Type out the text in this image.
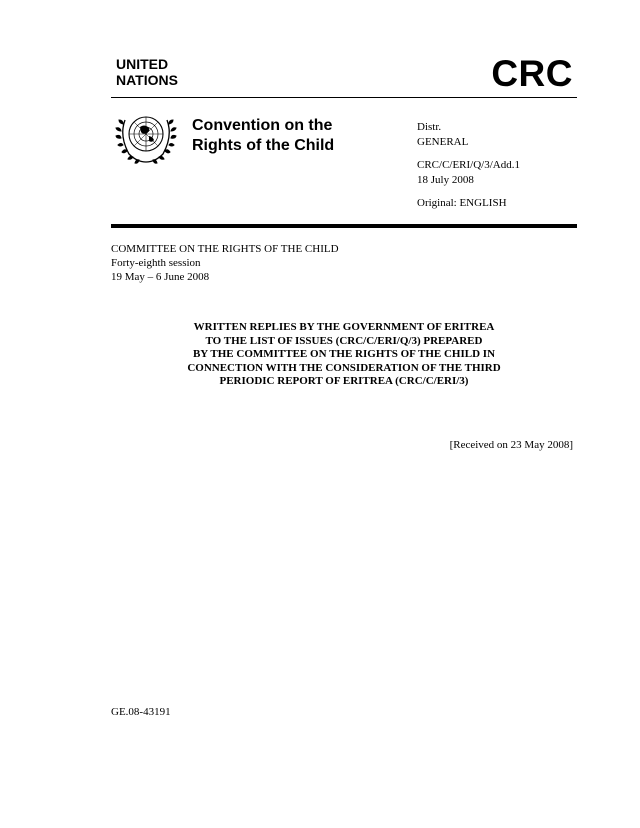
UNITED
NATIONS	CRC
Convention on the
Rights of the Child
Distr.
GENERAL
CRC/C/ERI/Q/3/Add.1
18 July 2008
Original: ENGLISH
COMMITTEE ON THE RIGHTS OF THE CHILD
Forty-eighth session
19 May – 6 June 2008
WRITTEN REPLIES BY THE GOVERNMENT OF ERITREA
TO THE LIST OF ISSUES (CRC/C/ERI/Q/3) PREPARED
BY THE COMMITTEE ON THE RIGHTS OF THE CHILD IN
CONNECTION WITH THE CONSIDERATION OF THE THIRD
PERIODIC REPORT OF ERITREA (CRC/C/ERI/3)
[Received on 23 May 2008]
GE.08-43191
